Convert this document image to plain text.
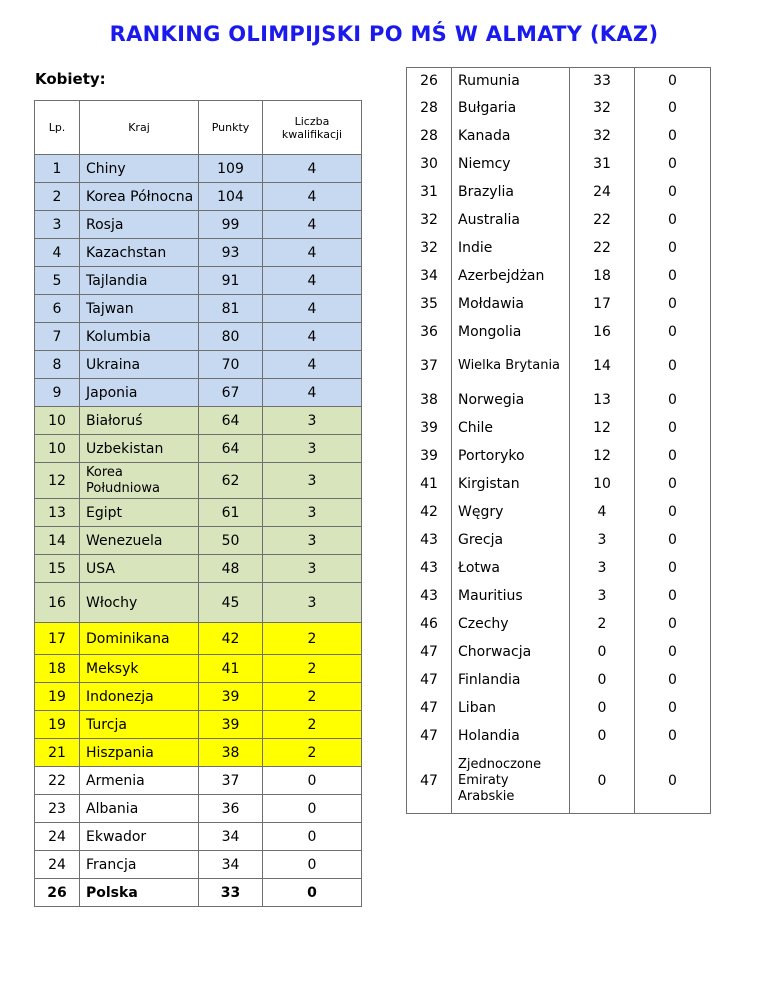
RANKING OLIMPIJSKI PO MŚ W ALMATY (KAZ)
Kobiety:
Lp.	Kraj	Punkty	Liczba kwalifikacji
1	Chiny	109	4
2	Korea Północna	104	4
3	Rosja	99	4
4	Kazachstan	93	4
5	Tajlandia	91	4
6	Tajwan	81	4
7	Kolumbia	80	4
8	Ukraina	70	4
9	Japonia	67	4
10	Białoruś	64	3
10	Uzbekistan	64	3
12	Korea Południowa	62	3
13	Egipt	61	3
14	Wenezuela	50	3
15	USA	48	3
16	Włochy	45	3
17	Dominikana	42	2
18	Meksyk	41	2
19	Indonezja	39	2
19	Turcja	39	2
21	Hiszpania	38	2
22	Armenia	37	0
23	Albania	36	0
24	Ekwador	34	0
24	Francja	34	0
26	Polska	33	0
26	Rumunia	33	0
28	Bułgaria	32	0
28	Kanada	32	0
30	Niemcy	31	0
31	Brazylia	24	0
32	Australia	22	0
32	Indie	22	0
34	Azerbejdżan	18	0
35	Mołdawia	17	0
36	Mongolia	16	0
37	Wielka Brytania	14	0
38	Norwegia	13	0
39	Chile	12	0
39	Portoryko	12	0
41	Kirgistan	10	0
42	Węgry	4	0
43	Grecja	3	0
43	Łotwa	3	0
43	Mauritius	3	0
46	Czechy	2	0
47	Chorwacja	0	0
47	Finlandia	0	0
47	Liban	0	0
47	Holandia	0	0
47	Zjednoczone Emiraty Arabskie	0	0
